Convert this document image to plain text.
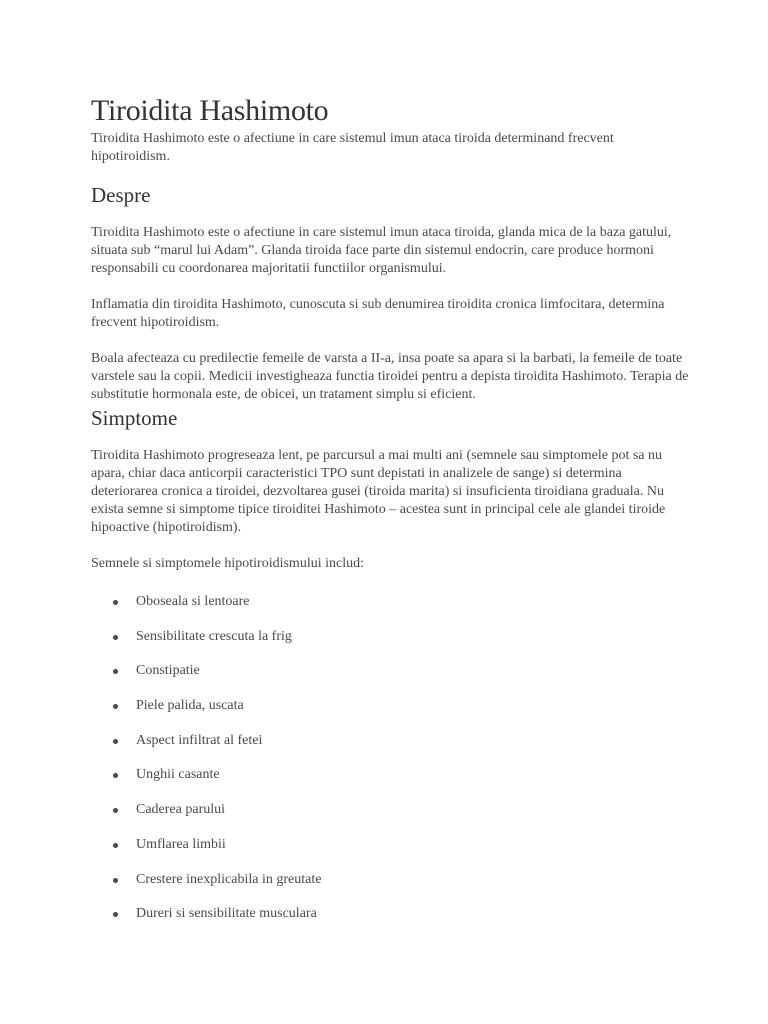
Tiroidita Hashimoto

Tiroidita Hashimoto este o afectiune in care sistemul imun ataca tiroida determinand frecvent hipotiroidism.

Despre

Tiroidita Hashimoto este o afectiune in care sistemul imun ataca tiroida, glanda mica de la baza gatului, situata sub “marul lui Adam”. Glanda tiroida face parte din sistemul endocrin, care produce hormoni responsabili cu coordonarea majoritatii functiilor organismului.

Inflamatia din tiroidita Hashimoto, cunoscuta si sub denumirea tiroidita cronica limfocitara, determina frecvent hipotiroidism.

Boala afecteaza cu predilectie femeile de varsta a II-a, insa poate sa apara si la barbati, la femeile de toate varstele sau la copii. Medicii investigheaza functia tiroidei pentru a depista tiroidita Hashimoto. Terapia de substitutie hormonala este, de obicei, un tratament simplu si eficient.

Simptome

Tiroidita Hashimoto progreseaza lent, pe parcursul a mai multi ani (semnele sau simptomele pot sa nu apara, chiar daca anticorpii caracteristici TPO sunt depistati in analizele de sange) si determina deteriorarea cronica a tiroidei, dezvoltarea gusei (tiroida marita) si insuficienta tiroidiana graduala. Nu exista semne si simptome tipice tiroiditei Hashimoto – acestea sunt in principal cele ale glandei tiroide hipoactive (hipotiroidism).

Semnele si simptomele hipotiroidismului includ:

Oboseala si lentoare
Sensibilitate crescuta la frig
Constipatie
Piele palida, uscata
Aspect infiltrat al fetei
Unghii casante
Caderea parului
Umflarea limbii
Crestere inexplicabila in greutate
Dureri si sensibilitate musculara
